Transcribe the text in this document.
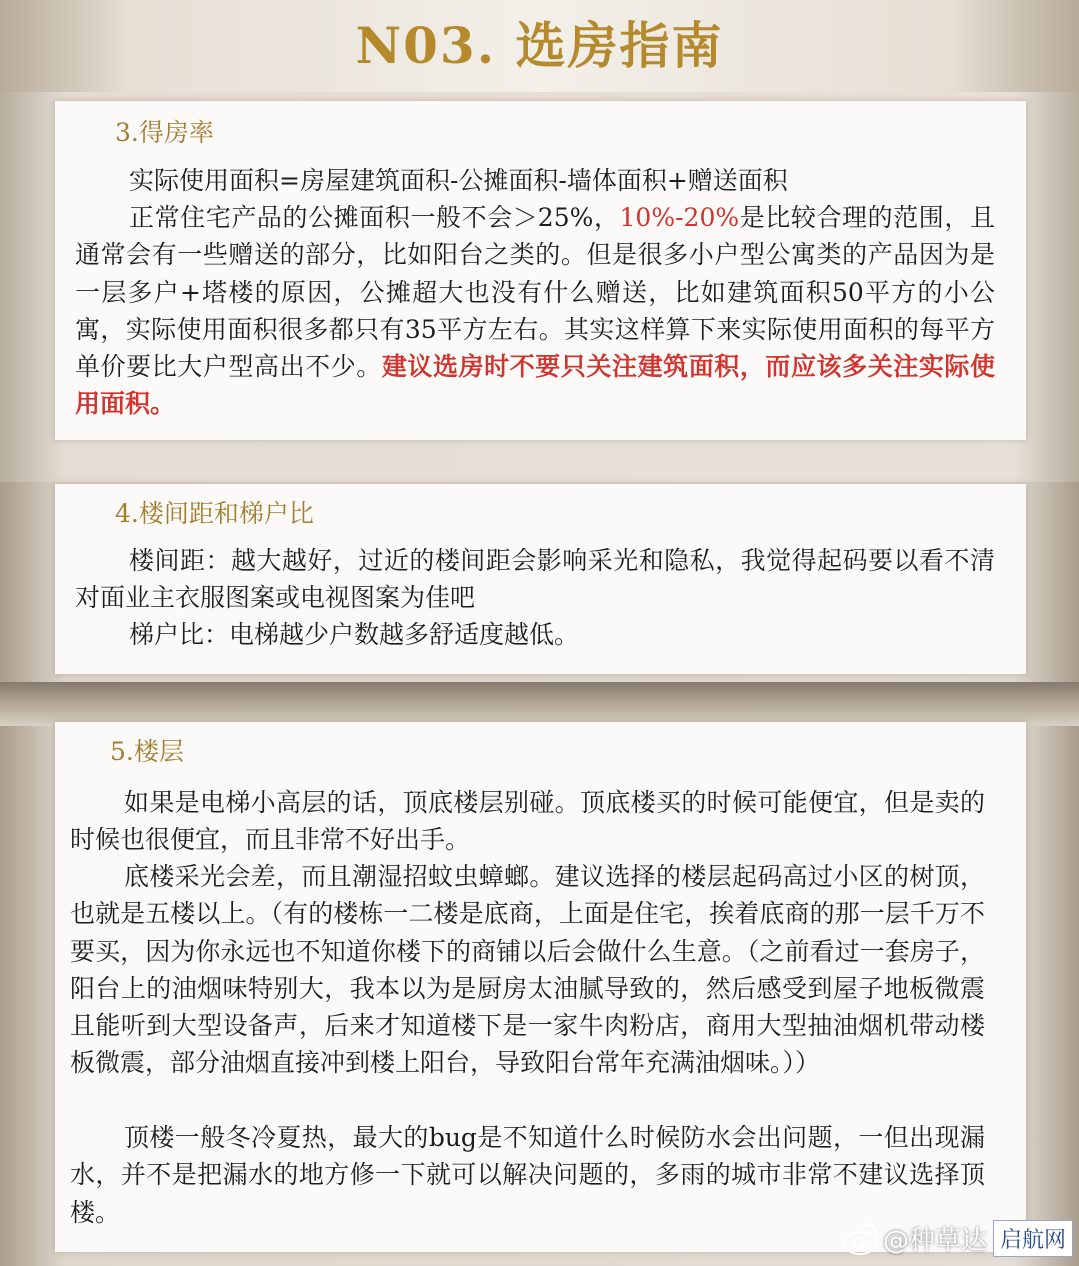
N03. 选房指南
3.得房率

实际使用面积=房屋建筑面积-公摊面积-墙体面积+赠送面积

正常住宅产品的公摊面积一般不会＞25%，10%-20%是比较合理的范围，且通常会有一些赠送的部分，比如阳台之类的。但是很多小户型公寓类的产品因为是一层多户+塔楼的原因，公摊超大也没有什么赠送，比如建筑面积50平方的小公寓，实际使用面积很多都只有35平方左右。其实这样算下来实际使用面积的每平方单价要比大户型高出不少。建议选房时不要只关注建筑面积，而应该多关注实际使用面积。

4.楼间距和梯户比

楼间距：越大越好，过近的楼间距会影响采光和隐私，我觉得起码要以看不清对面业主衣服图案或电视图案为佳吧

梯户比：电梯越少户数越多舒适度越低。

5.楼层

如果是电梯小高层的话，顶底楼层别碰。顶底楼买的时候可能便宜，但是卖的时候也很便宜，而且非常不好出手。

底楼采光会差，而且潮湿招蚊虫蟑螂。建议选择的楼层起码高过小区的树顶，也就是五楼以上。（有的楼栋一二楼是底商，上面是住宅，挨着底商的那一层千万不要买，因为你永远也不知道你楼下的商铺以后会做什么生意。（之前看过一套房子，阳台上的油烟味特别大，我本以为是厨房太油腻导致的，然后感受到屋子地板微震且能听到大型设备声，后来才知道楼下是一家牛肉粉店，商用大型抽油烟机带动楼板微震，部分油烟直接冲到楼上阳台，导致阳台常年充满油烟味。））

顶楼一般冬冷夏热，最大的bug是不知道什么时候防水会出问题，一但出现漏水，并不是把漏水的地方修一下就可以解决问题的，多雨的城市非常不建议选择顶楼。

@种草达 启航网
